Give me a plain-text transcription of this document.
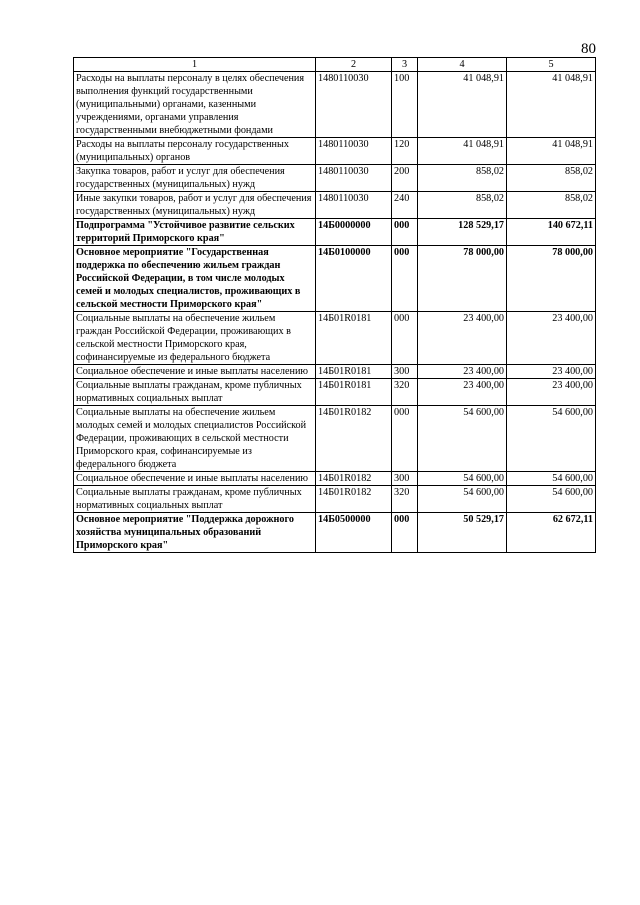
80
1	2	3	4	5
Расходы на выплаты персоналу в целях обеспечения выполнения функций государственными (муниципальными) органами, казенными учреждениями, органами управления государственными внебюджетными фондами	1480110030	100	41 048,91	41 048,91
Расходы на выплаты персоналу государственных (муниципальных) органов	1480110030	120	41 048,91	41 048,91
Закупка товаров, работ и услуг для обеспечения государственных (муниципальных) нужд	1480110030	200	858,02	858,02
Иные закупки товаров, работ и услуг для обеспечения государственных (муниципальных) нужд	1480110030	240	858,02	858,02
Подпрограмма "Устойчивое развитие сельских территорий Приморского края"	14Б0000000	000	128 529,17	140 672,11
Основное мероприятие "Государственная поддержка по обеспечению жильем граждан Российской Федерации, в том числе молодых семей и молодых специалистов, проживающих в сельской местности Приморского края"	14Б0100000	000	78 000,00	78 000,00
Социальные выплаты на обеспечение жильем граждан Российской Федерации, проживающих в сельской местности Приморского края, софинансируемые из федерального бюджета	14Б01R0181	000	23 400,00	23 400,00
Социальное обеспечение и иные выплаты населению	14Б01R0181	300	23 400,00	23 400,00
Социальные выплаты гражданам, кроме публичных нормативных социальных выплат	14Б01R0181	320	23 400,00	23 400,00
Социальные выплаты на обеспечение жильем молодых семей и молодых специалистов Российской Федерации, проживающих в сельской местности Приморского края, софинансируемые из федерального бюджета	14Б01R0182	000	54 600,00	54 600,00
Социальное обеспечение и иные выплаты населению	14Б01R0182	300	54 600,00	54 600,00
Социальные выплаты гражданам, кроме публичных нормативных социальных выплат	14Б01R0182	320	54 600,00	54 600,00
Основное мероприятие "Поддержка дорожного хозяйства муниципальных образований Приморского края"	14Б0500000	000	50 529,17	62 672,11
